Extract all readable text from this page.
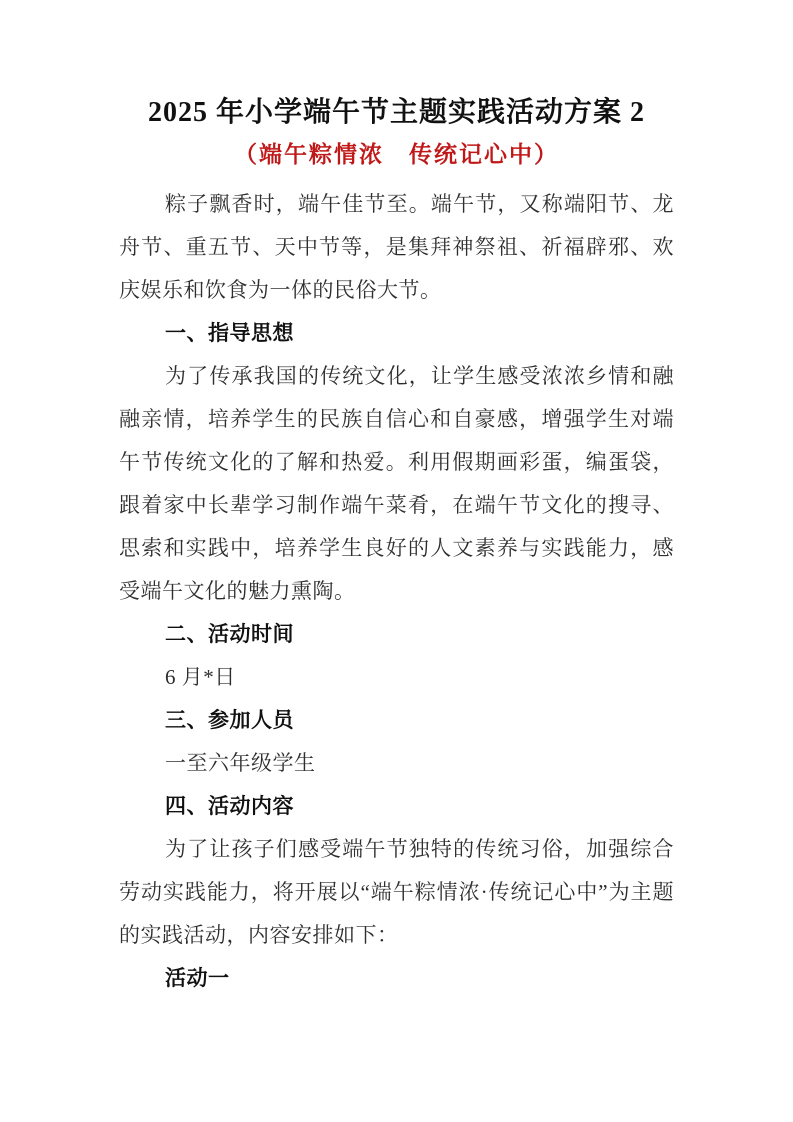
2025 年小学端午节主题实践活动方案 2
（端午粽情浓　传统记心中）

粽子飘香时，端午佳节至。端午节，又称端阳节、龙舟节、重五节、天中节等，是集拜神祭祖、祈福辟邪、欢庆娱乐和饮食为一体的民俗大节。

一、指导思想

为了传承我国的传统文化，让学生感受浓浓乡情和融融亲情，培养学生的民族自信心和自豪感，增强学生对端午节传统文化的了解和热爱。利用假期画彩蛋，编蛋袋，跟着家中长辈学习制作端午菜肴，在端午节文化的搜寻、思索和实践中，培养学生良好的人文素养与实践能力，感受端午文化的魅力熏陶。

二、活动时间

6 月*日

三、参加人员

一至六年级学生

四、活动内容

为了让孩子们感受端午节独特的传统习俗，加强综合劳动实践能力，将开展以“端午粽情浓·传统记心中”为主题的实践活动，内容安排如下：

活动一
